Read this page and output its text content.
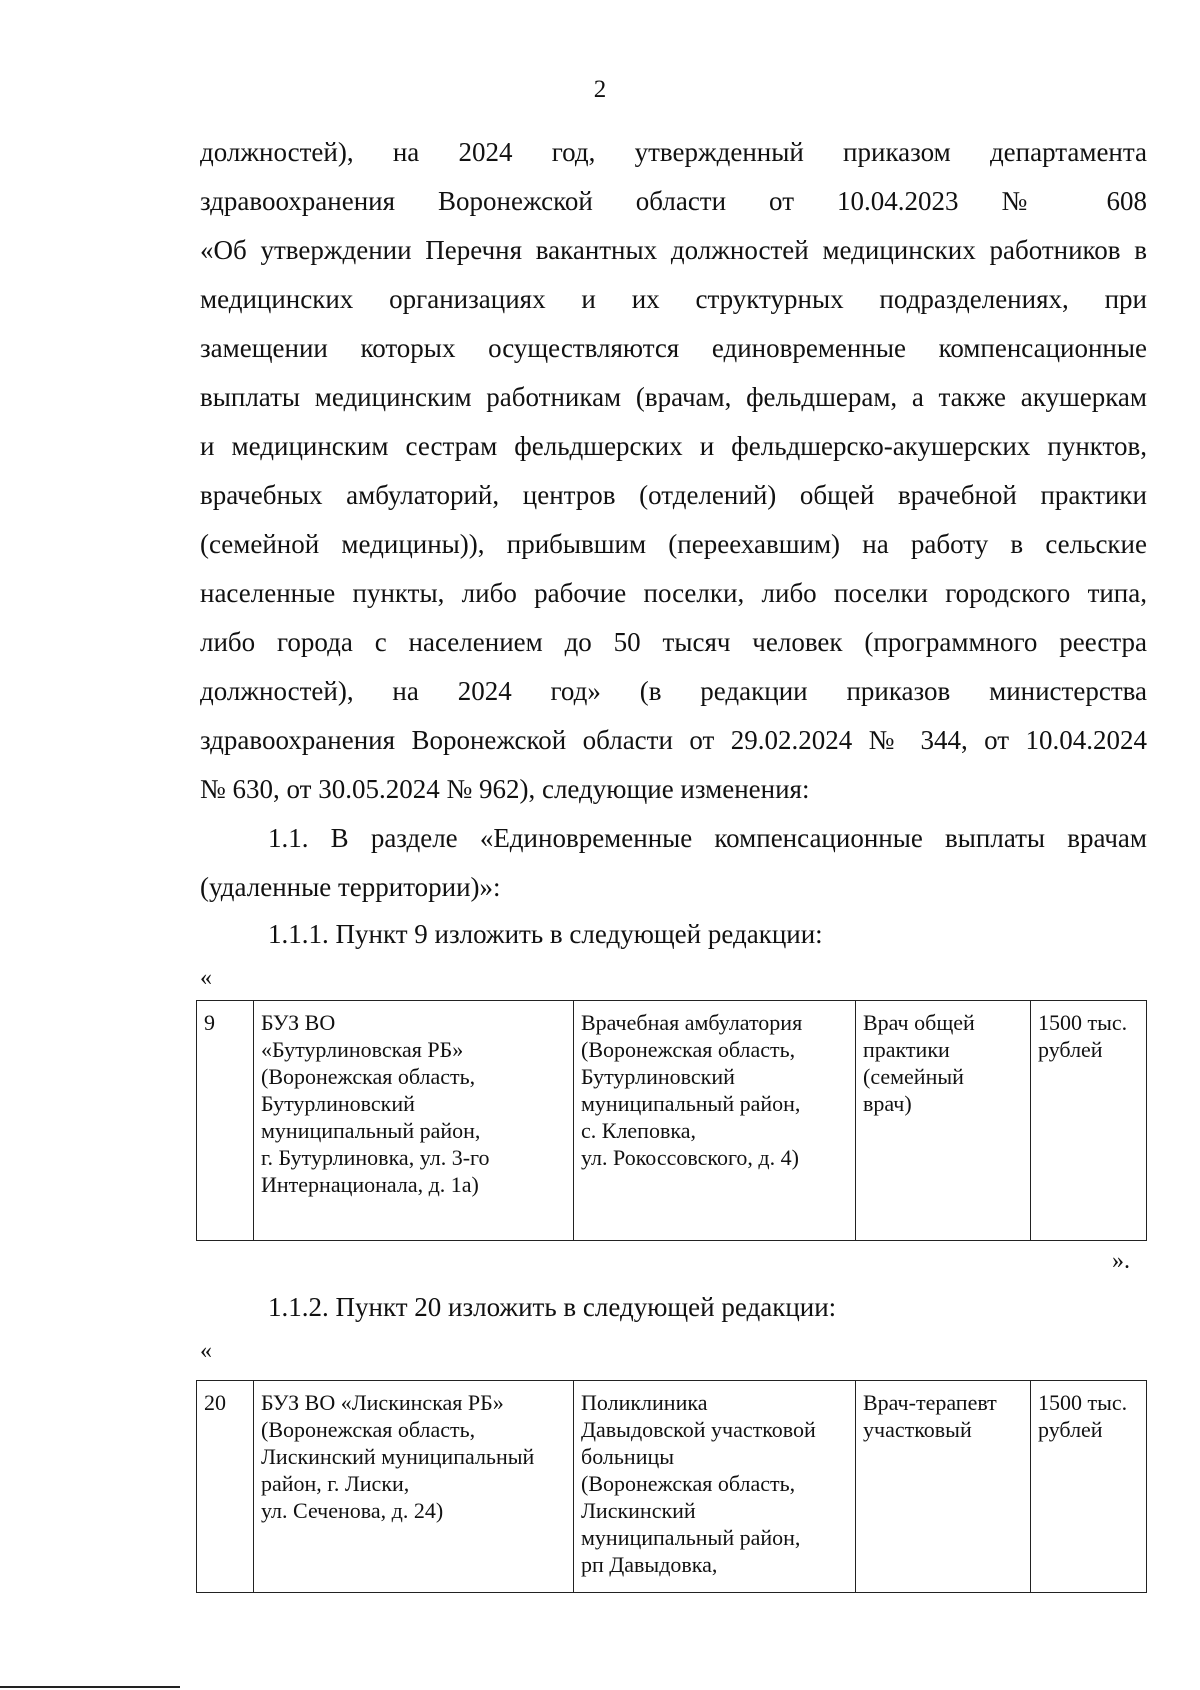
2
должностей), на 2024 год, утвержденный приказом департамента
здравоохранения Воронежской области от 10.04.2023 № 608
«Об утверждении Перечня вакантных должностей медицинских работников в
медицинских организациях и их структурных подразделениях, при
замещении которых осуществляются единовременные компенсационные
выплаты медицинским работникам (врачам, фельдшерам, а также акушеркам
и медицинским сестрам фельдшерских и фельдшерско-акушерских пунктов,
врачебных амбулаторий, центров (отделений) общей врачебной практики
(семейной медицины)), прибывшим (переехавшим) на работу в сельские
населенные пункты, либо рабочие поселки, либо поселки городского типа,
либо города с населением до 50 тысяч человек (программного реестра
должностей), на 2024 год» (в редакции приказов министерства
здравоохранения Воронежской области от 29.02.2024 № 344, от 10.04.2024
№ 630, от 30.05.2024 № 962), следующие изменения:
1.1. В разделе «Единовременные компенсационные выплаты врачам
(удаленные территории)»:
1.1.1. Пункт 9 изложить в следующей редакции:
«
9	БУЗ ВО
«Бутурлиновская РБ»
(Воронежская область,
Бутурлиновский
муниципальный район,
г. Бутурлиновка, ул. 3-го
Интернационала, д. 1а)

Врачебная амбулатория
(Воронежская область,
Бутурлиновский
муниципальный район,
с. Клеповка,
ул. Рокоссовского, д. 4)

Врач общей
практики
(семейный
врач)

1500 тыс.
рублей
».
1.1.2. Пункт 20 изложить в следующей редакции:
«
20	БУЗ ВО «Лискинская РБ»
(Воронежская область,
Лискинский муниципальный
район, г. Лиски,
ул. Сеченова, д. 24)

Поликлиника
Давыдовской участковой
больницы
(Воронежская область,
Лискинский
муниципальный район,
рп Давыдовка,

Врач-терапевт
участковый

1500 тыс.
рублей
